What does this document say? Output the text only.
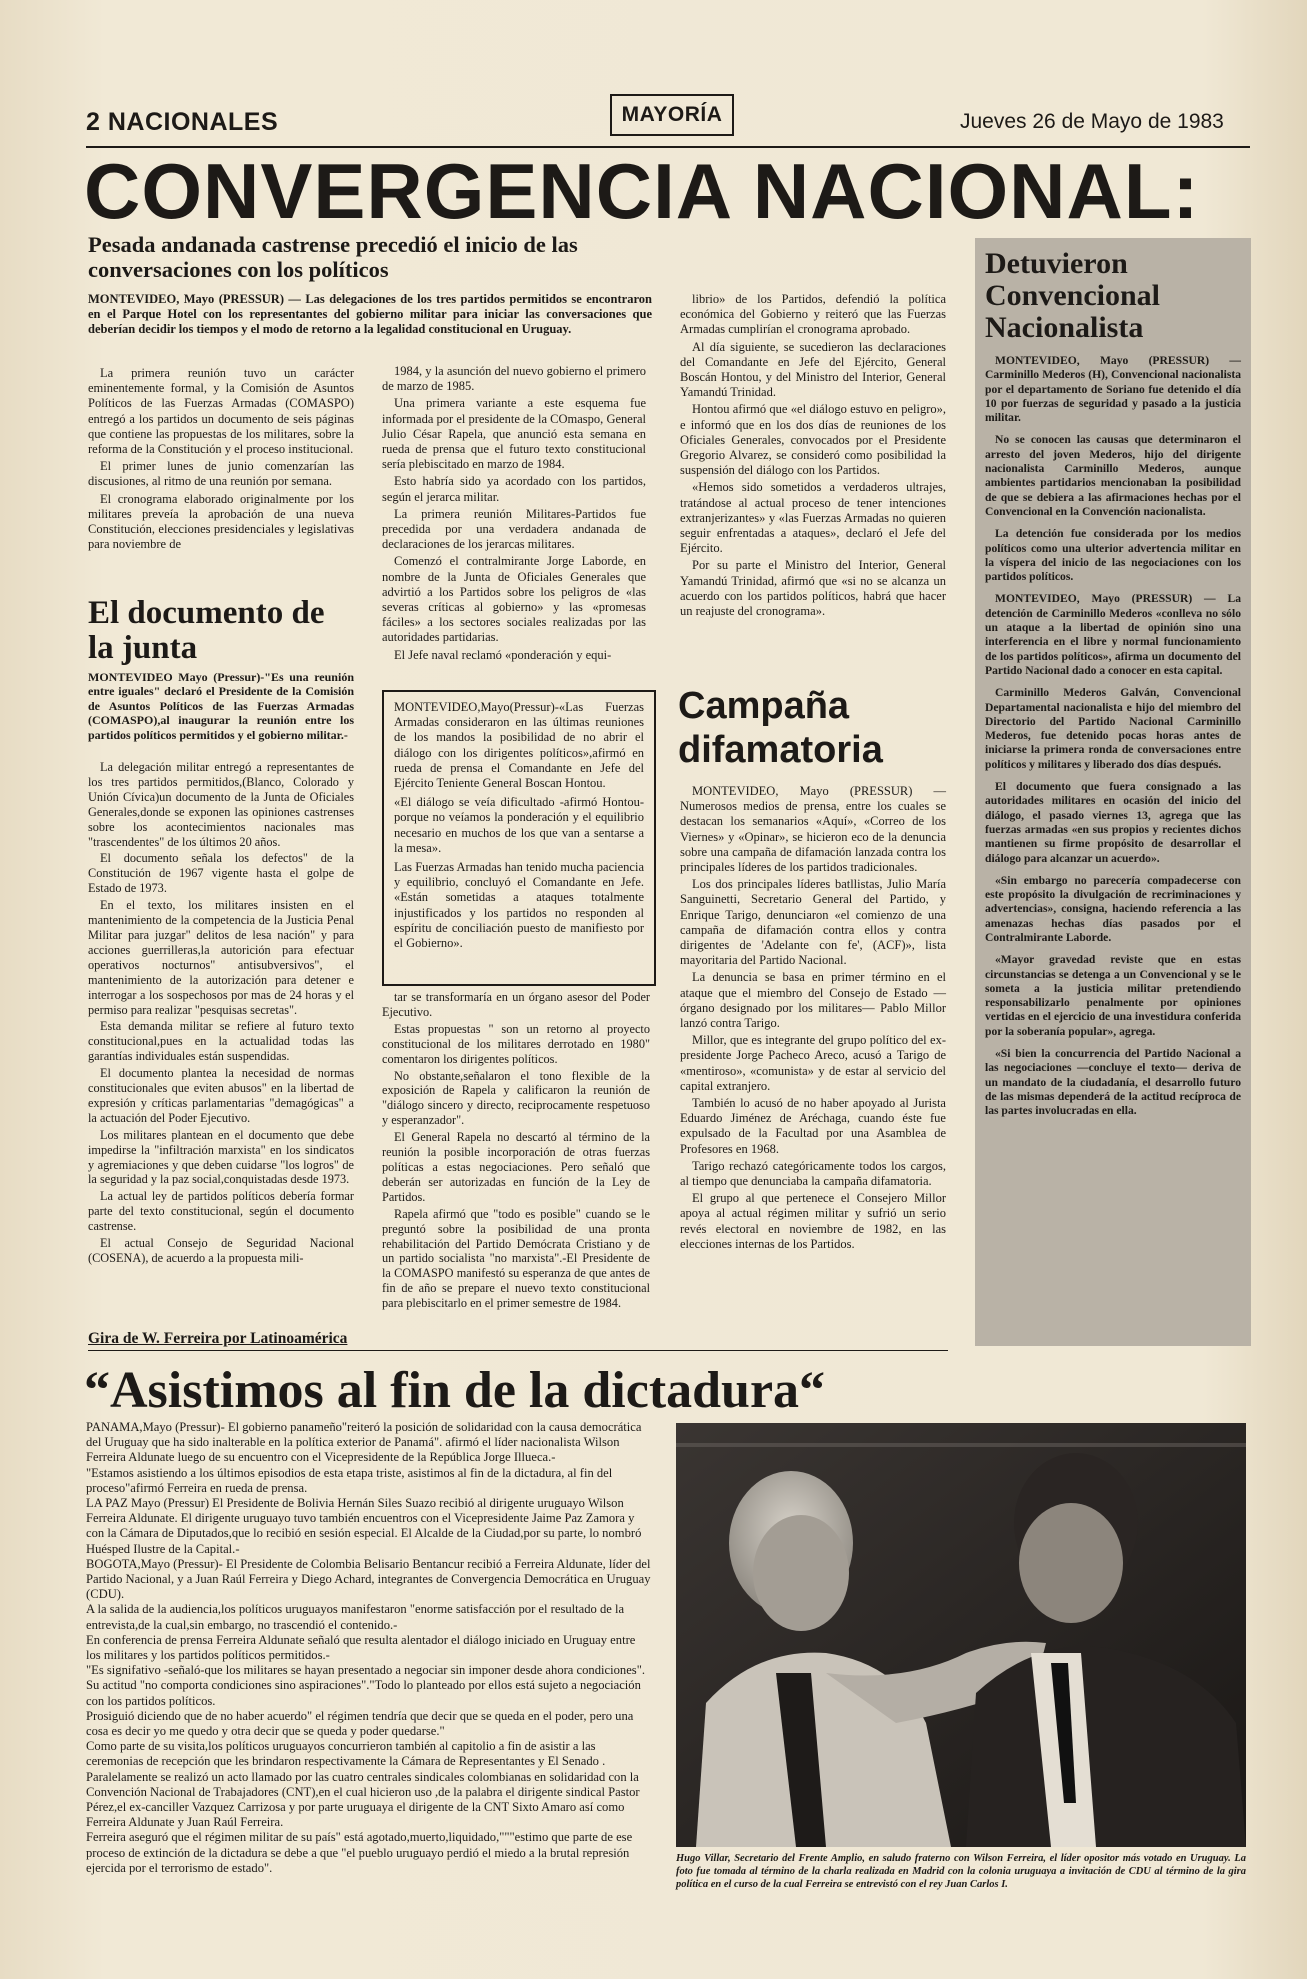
2 NACIONALES	MAYORÍA	Jueves 26 de Mayo de 1983
CONVERGENCIA NACIONAL:
Pesada andanada castrense precedió el inicio de las conversaciones con los políticos
MONTEVIDEO, Mayo (PRESSUR) — Las delegaciones de los tres partidos permitidos se encontraron en el Parque Hotel con los representantes del gobierno militar para iniciar las conversaciones que deberían decidir los tiempos y el modo de retorno a la legalidad constitucional en Uruguay.

La primera reunión tuvo un carácter eminentemente formal, y la Comisión de Asuntos Políticos de las Fuerzas Armadas (COMASPO) entregó a los partidos un documento de seis páginas que contiene las propuestas de los militares, sobre la reforma de la Constitución y el proceso institucional.

El primer lunes de junio comenzarían las discusiones, al ritmo de una reunión por semana.

El cronograma elaborado originalmente por los militares preveía la aprobación de una nueva Constitución, elecciones presidenciales y legislativas para noviembre de

1984, y la asunción del nuevo gobierno el primero de marzo de 1985.

Una primera variante a este esquema fue informada por el presidente de la COmaspo, General Julio César Rapela, que anunció esta semana en rueda de prensa que el futuro texto constitucional sería plebiscitado en marzo de 1984.

Esto habría sido ya acordado con los partidos, según el jerarca militar.

La primera reunión Militares-Partidos fue precedida por una verdadera andanada de declaraciones de los jerarcas militares.

Comenzó el contralmirante Jorge Laborde, en nombre de la Junta de Oficiales Generales que advirtió a los Partidos sobre los peligros de «las severas críticas al gobierno» y las «promesas fáciles» a los sectores sociales realizadas por las autoridades partidarias.

El Jefe naval reclamó «ponderación y equi-

librio» de los Partidos, defendió la política económica del Gobierno y reiteró que las Fuerzas Armadas cumplirían el cronograma aprobado.

Al día siguiente, se sucedieron las declaraciones del Comandante en Jefe del Ejército, General Boscán Hontou, y del Ministro del Interior, General Yamandú Trinidad.

Hontou afirmó que «el diálogo estuvo en peligro», e informó que en los dos días de reuniones de los Oficiales Generales, convocados por el Presidente Gregorio Alvarez, se consideró como posibilidad la suspensión del diálogo con los Partidos.

«Hemos sido sometidos a verdaderos ultrajes, tratándose al actual proceso de tener intenciones extranjerizantes» y «las Fuerzas Armadas no quieren seguir enfrentadas a ataques», declaró el Jefe del Ejército.

Por su parte el Ministro del Interior, General Yamandú Trinidad, afirmó que «si no se alcanza un acuerdo con los partidos políticos, habrá que hacer un reajuste del cronograma».

El documento de la junta
MONTEVIDEO Mayo (Pressur)-"Es una reunión entre iguales" declaró el Presidente de la Comisión de Asuntos Políticos de las Fuerzas Armadas (COMASPO),al inaugurar la reunión entre los partidos políticos permitidos y el gobierno militar.-

La delegación militar entregó a representantes de los tres partidos permitidos,(Blanco, Colorado y Unión Cívica)un documento de la Junta de Oficiales Generales,donde se exponen las opiniones castrenses sobre los acontecimientos nacionales mas "trascendentes" de los últimos 20 años.

El documento señala los defectos" de la Constitución de 1967 vigente hasta el golpe de Estado de 1973.

En el texto, los militares insisten en el mantenimiento de la competencia de la Justicia Penal Militar para juzgar" delitos de lesa nación" y para acciones guerrilleras,la autorición para efectuar operativos nocturnos" antisubversivos", el mantenimiento de la autorización para detener e interrogar a los sospechosos por mas de 24 horas y el permiso para realizar "pesquisas secretas".

Esta demanda militar se refiere al futuro texto constitucional,pues en la actualidad todas las garantías individuales están suspendidas.

El documento plantea la necesidad de normas constitucionales que eviten abusos" en la libertad de expresión y críticas parlamentarias "demagógicas" a la actuación del Poder Ejecutivo.

Los militares plantean en el documento que debe impedirse la "infiltración marxista" en los sindicatos y agremiaciones y que deben cuidarse "los logros" de la seguridad y la paz social,conquistadas desde 1973.

La actual ley de partidos políticos debería formar parte del texto constitucional, según el documento castrense.

El actual Consejo de Seguridad Nacional (COSENA), de acuerdo a la propuesta mili-

MONTEVIDEO,Mayo(Pressur)-«Las Fuerzas Armadas consideraron en las últimas reuniones de los mandos la posibilidad de no abrir el diálogo con los dirigentes políticos»,afirmó en rueda de prensa el Comandante en Jefe del Ejército Teniente General Boscan Hontou.

«El diálogo se veía dificultado -afirmó Hontou- porque no veíamos la ponderación y el equilibrio necesario en muchos de los que van a sentarse a la mesa».

Las Fuerzas Armadas han tenido mucha paciencia y equilibrio, concluyó el Comandante en Jefe. «Están sometidas a ataques totalmente injustificados y los partidos no responden al espíritu de conciliación puesto de manifiesto por el Gobierno».

tar se transformaría en un órgano asesor del Poder Ejecutivo.

Estas propuestas " son un retorno al proyecto constitucional de los militares derrotado en 1980" comentaron los dirigentes políticos.

No obstante,señalaron el tono flexible de la exposición de Rapela y calificaron la reunión de "diálogo sincero y directo, reciprocamente respetuoso y esperanzador".

El General Rapela no descartó al término de la reunión la posible incorporación de otras fuerzas políticas a estas negociaciones. Pero señaló que deberán ser autorizadas en función de la Ley de Partidos.

Rapela afirmó que "todo es posible" cuando se le preguntó sobre la posibilidad de una pronta rehabilitación del Partido Demócrata Cristiano y de un partido socialista "no marxista".-El Presidente de la COMASPO manifestó su esperanza de que antes de fin de año se prepare el nuevo texto constitucional para plebiscitarlo en el primer semestre de 1984.

Campaña difamatoria

MONTEVIDEO, Mayo (PRESSUR) — Numerosos medios de prensa, entre los cuales se destacan los semanarios «Aquí», «Correo de los Viernes» y «Opinar», se hicieron eco de la denuncia sobre una campaña de difamación lanzada contra los principales líderes de los partidos tradicionales.

Los dos principales líderes batllistas, Julio María Sanguinetti, Secretario General del Partido, y Enrique Tarigo, denunciaron «el comienzo de una campaña de difamación contra ellos y contra dirigentes de 'Adelante con fe', (ACF)», lista mayoritaria del Partido Nacional.

La denuncia se basa en primer término en el ataque que el miembro del Consejo de Estado —órgano designado por los militares— Pablo Millor lanzó contra Tarigo.

Millor, que es integrante del grupo político del ex-presidente Jorge Pacheco Areco, acusó a Tarigo de «mentiroso», «comunista» y de estar al servicio del capital extranjero.

También lo acusó de no haber apoyado al Jurista Eduardo Jiménez de Aréchaga, cuando éste fue expulsado de la Facultad por una Asamblea de Profesores en 1968.

Tarigo rechazó categóricamente todos los cargos, al tiempo que denunciaba la campaña difamatoria.

El grupo al que pertenece el Consejero Millor apoya al actual régimen militar y sufrió un serio revés electoral en noviembre de 1982, en las elecciones internas de los Partidos.

Detuvieron Convencional Nacionalista

MONTEVIDEO, Mayo (PRESSUR) — Carminillo Mederos (H), Convencional nacionalista por el departamento de Soriano fue detenido el día 10 por fuerzas de seguridad y pasado a la justicia militar.

No se conocen las causas que determinaron el arresto del joven Mederos, hijo del dirigente nacionalista Carminillo Mederos, aunque ambientes partidarios mencionaban la posibilidad de que se debiera a las afirmaciones hechas por el Convencional en la Convención nacionalista.

La detención fue considerada por los medios políticos como una ulterior advertencia militar en la víspera del inicio de las negociaciones con los partidos políticos.

MONTEVIDEO, Mayo (PRESSUR) — La detención de Carminillo Mederos «conlleva no sólo un ataque a la libertad de opinión sino una interferencia en el libre y normal funcionamiento de los partidos políticos», afirma un documento del Partido Nacional dado a conocer en esta capital.

Carminillo Mederos Galván, Convencional Departamental nacionalista e hijo del miembro del Directorio del Partido Nacional Carminillo Mederos, fue detenido pocas horas antes de iniciarse la primera ronda de conversaciones entre políticos y militares y liberado dos días después.

El documento que fuera consignado a las autoridades militares en ocasión del inicio del diálogo, el pasado viernes 13, agrega que las fuerzas armadas «en sus propios y recientes dichos mantienen su firme propósito de desarrollar el diálogo para alcanzar un acuerdo».

«Sin embargo no parecería compadecerse con este propósito la divulgación de recriminaciones y advertencias», consigna, haciendo referencia a las amenazas hechas días pasados por el Contralmirante Laborde.

«Mayor gravedad reviste que en estas circunstancias se detenga a un Convencional y se le someta a la justicia militar pretendiendo responsabilizarlo penalmente por opiniones vertidas en el ejercicio de una investidura conferida por la soberanía popular», agrega.

«Si bien la concurrencia del Partido Nacional a las negociaciones —concluye el texto— deriva de un mandato de la ciudadanía, el desarrollo futuro de las mismas dependerá de la actitud recíproca de las partes involucradas en ella.

Gira de W. Ferreira por Latinoamérica
“Asistimos al fin de la dictadura“

PANAMA,Mayo (Pressur)- El gobierno panameño"reiteró la posición de solidaridad con la causa democrática del Uruguay que ha sido inalterable en la política exterior de Panamá". afirmó el líder nacionalista Wilson Ferreira Aldunate luego de su encuentro con el Vicepresidente de la República Jorge Illueca.-

"Estamos asistiendo a los últimos episodios de esta etapa triste, asistimos al fin de la dictadura, al fin del proceso"afirmó Ferreira en rueda de prensa.

LA PAZ Mayo (Pressur) El Presidente de Bolivia Hernán Siles Suazo recibió al dirigente uruguayo Wilson Ferreira Aldunate. El dirigente uruguayo tuvo también encuentros con el Vicepresidente Jaime Paz Zamora y con la Cámara de Diputados,que lo recibió en sesión especial. El Alcalde de la Ciudad,por su parte, lo nombró Huésped Ilustre de la Capital.-

BOGOTA,Mayo (Pressur)- El Presidente de Colombia Belisario Bentancur recibió a Ferreira Aldunate, líder del Partido Nacional, y a Juan Raúl Ferreira y Diego Achard, integrantes de Convergencia Democrática en Uruguay (CDU).

A la salida de la audiencia,los políticos uruguayos manifestaron "enorme satisfacción por el resultado de la entrevista,de la cual,sin embargo, no trascendió el contenido.-

En conferencia de prensa Ferreira Aldunate señaló que resulta alentador el diálogo iniciado en Uruguay entre los militares y los partidos políticos permitidos.-

"Es signifativo -señaló-que los militares se hayan presentado a negociar sin imponer desde ahora condiciones". Su actitud "no comporta condiciones sino aspiraciones"."Todo lo planteado por ellos está sujeto a negociación con los partidos políticos.

Prosiguió diciendo que de no haber acuerdo" el régimen tendría que decir que se queda en el poder, pero una cosa es decir yo me quedo y otra decir que se queda y poder quedarse."

Como parte de su visita,los políticos uruguayos concurrieron también al capitolio a fin de asistir a las ceremonias de recepción que les brindaron respectivamente la Cámara de Representantes y El Senado .

Paralelamente se realizó un acto llamado por las cuatro centrales sindicales colombianas en solidaridad con la Convención Nacional de Trabajadores (CNT),en el cual hicieron uso ,de la palabra el dirigente sindical Pastor Pérez,el ex-canciller Vazquez Carrizosa y por parte uruguaya el dirigente de la CNT Sixto Amaro así como Ferreira Aldunate y Juan Raúl Ferreira.

Ferreira aseguró que el régimen militar de su país" está agotado,muerto,liquidado,"""estimo que parte de ese proceso de extinción de la dictadura se debe a que "el pueblo uruguayo perdió el miedo a la brutal represión ejercida por el terrorismo de estado".

Hugo Villar, Secretario del Frente Amplio, en saludo fraterno con Wilson Ferreira, el líder opositor más votado en Uruguay. La foto fue tomada al término de la charla realizada en Madrid con la colonia uruguaya a invitación de CDU al término de la gira política en el curso de la cual Ferreira se entrevistó con el rey Juan Carlos I.
